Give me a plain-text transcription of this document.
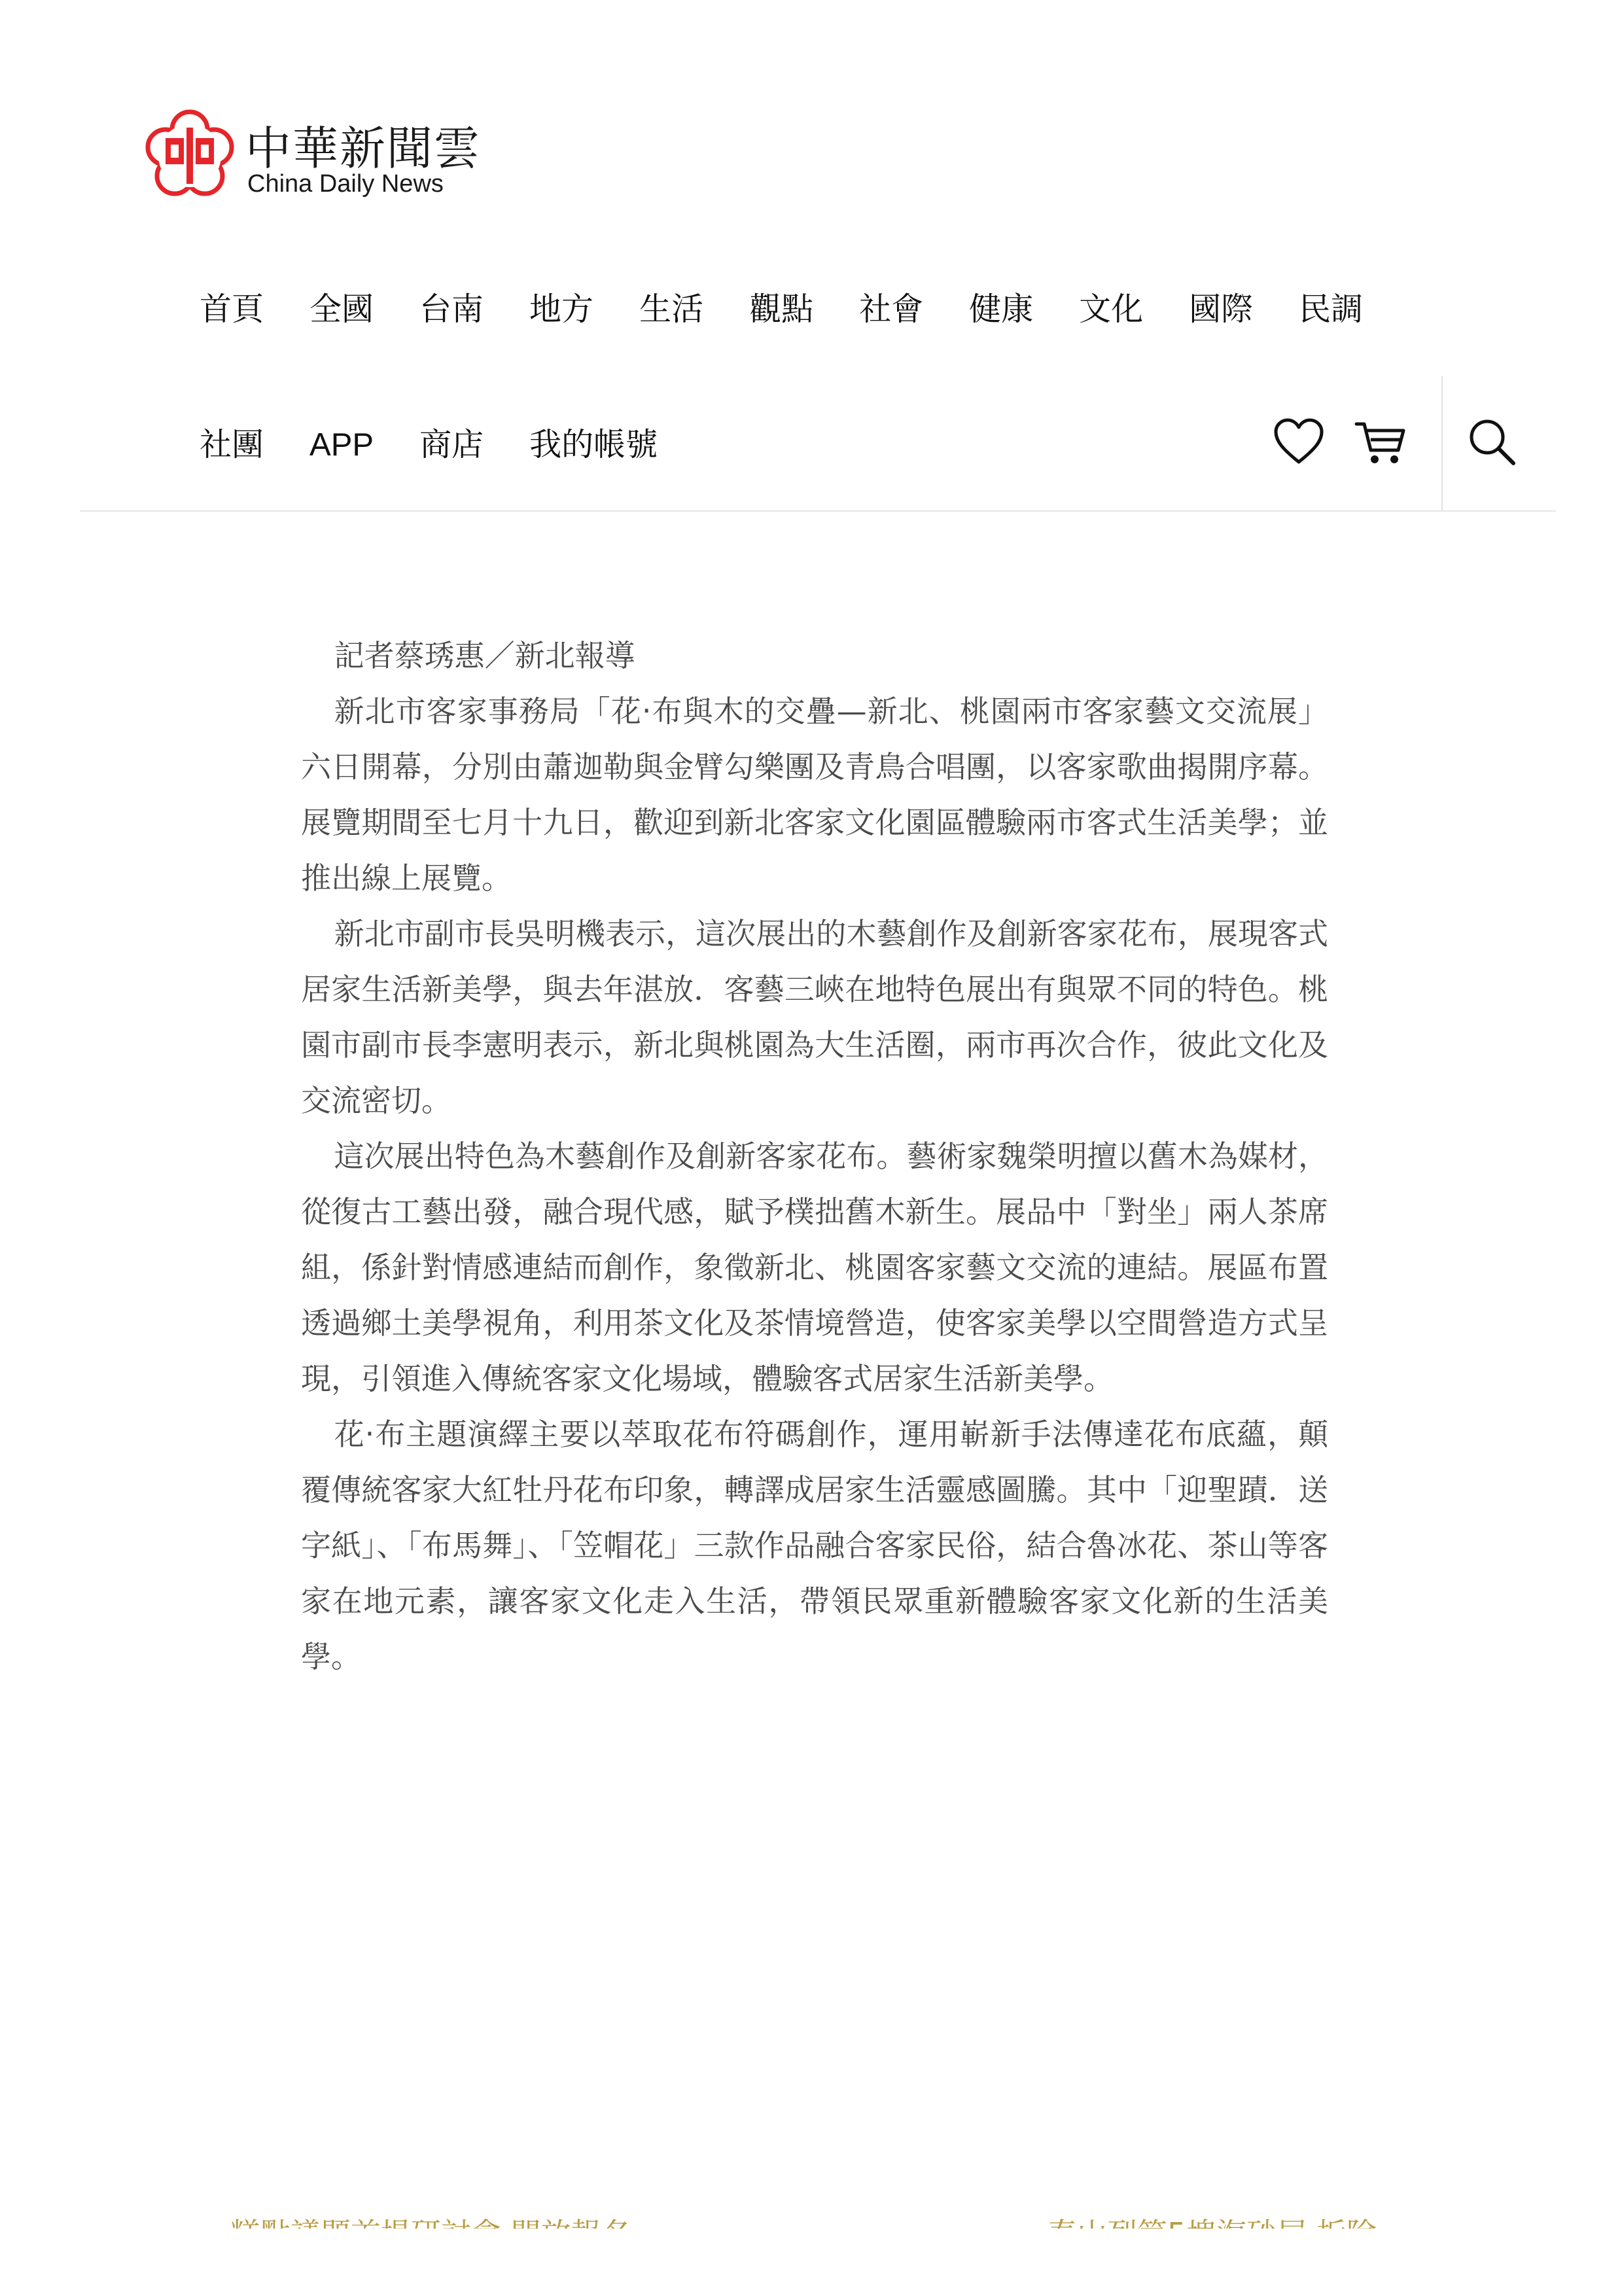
中華新聞雲
China Daily News
首頁 全國 台南 地方 生活 觀點 社會 健康 文化 國際 民調
社團 APP 商店 我的帳號

記者蔡琇惠／新北報導

新北市客家事務局「花‧布與木的交疊—新北、桃園兩市客家藝文交流展」六日開幕，分別由蕭迦勒與金臂勾樂團及青鳥合唱團，以客家歌曲揭開序幕。展覽期間至七月十九日，歡迎到新北客家文化園區體驗兩市客式生活美學；並推出線上展覽。

新北市副市長吳明機表示，這次展出的木藝創作及創新客家花布，展現客式居家生活新美學，與去年湛放．客藝三峽在地特色展出有與眾不同的特色。桃園市副市長李憲明表示，新北與桃園為大生活圈，兩市再次合作，彼此文化及交流密切。

這次展出特色為木藝創作及創新客家花布。藝術家魏榮明擅以舊木為媒材，從復古工藝出發，融合現代感，賦予樸拙舊木新生。展品中「對坐」兩人茶席組，係針對情感連結而創作，象徵新北、桃園客家藝文交流的連結。展區布置透過鄉土美學視角，利用茶文化及茶情境營造，使客家美學以空間營造方式呈現，引領進入傳統客家文化場域，體驗客式居家生活新美學。

花‧布主題演繹主要以萃取花布符碼創作，運用嶄新手法傳達花布底蘊，顛覆傳統客家大紅牡丹花布印象，轉譯成居家生活靈感圖騰。其中「迎聖蹟．送字紙」、「布馬舞」、「笠帽花」三款作品融合客家民俗，結合魯冰花、茶山等客家在地元素，讓客家文化走入生活，帶領民眾重新體驗客家文化新的生活美學。
